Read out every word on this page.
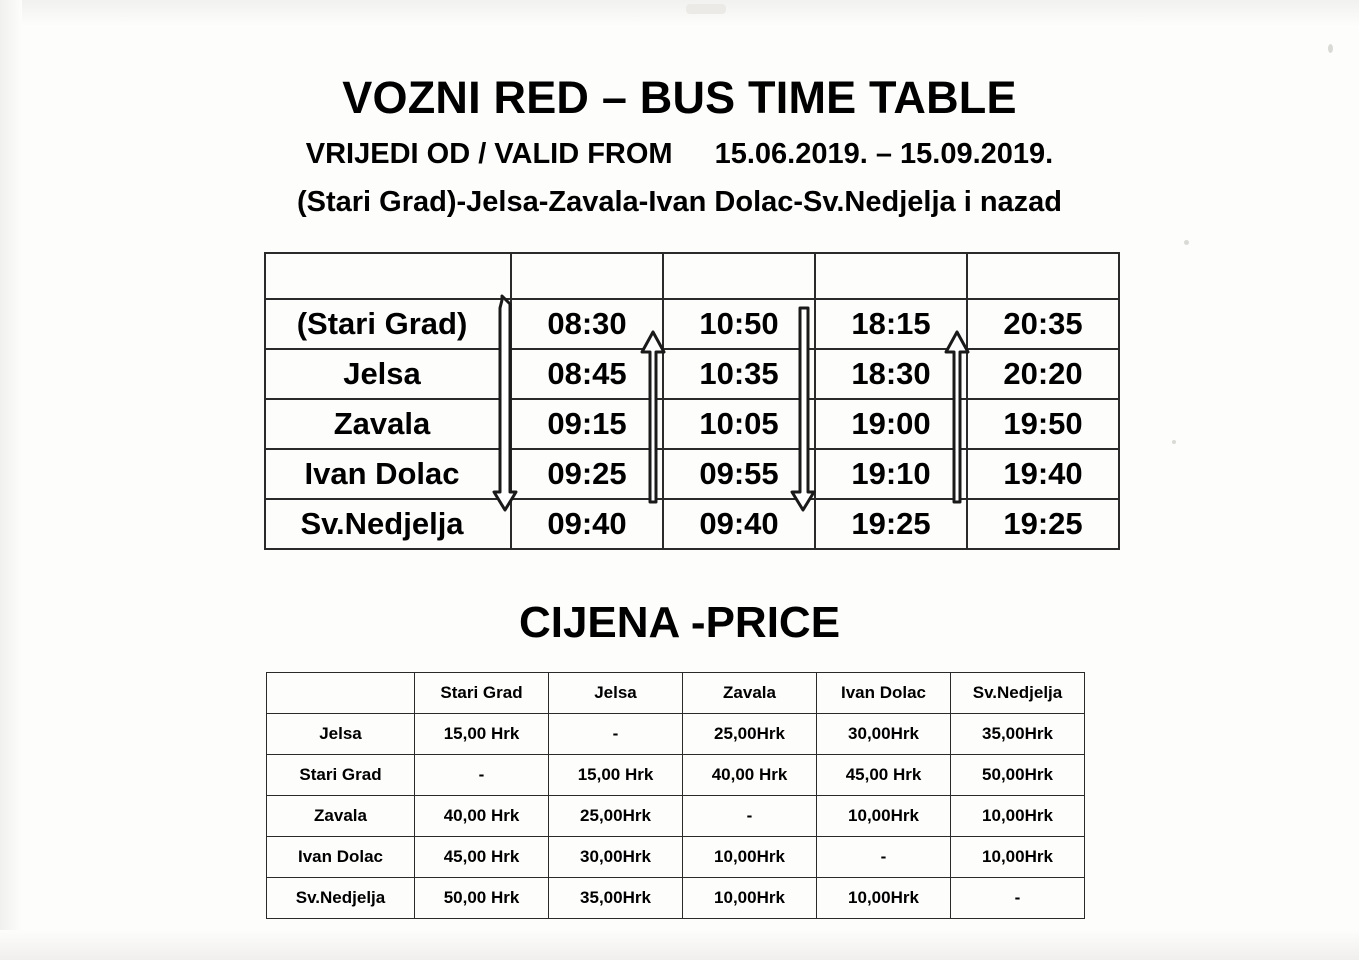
VOZNI RED – BUS TIME TABLE
VRIJEDI OD / VALID FROM 15.06.2019. – 15.09.2019.
(Stari Grad)-Jelsa-Zavala-Ivan Dolac-Sv.Nedjelja i nazad

(Stari Grad)	08:30	10:50	18:15	20:35
Jelsa	08:45	10:35	18:30	20:20
Zavala	09:15	10:05	19:00	19:50
Ivan Dolac	09:25	09:55	19:10	19:40
Sv.Nedjelja	09:40	09:40	19:25	19:25
CIJENA -PRICE
	Stari Grad	Jelsa	Zavala	Ivan Dolac	Sv.Nedjelja
Jelsa	15,00 Hrk	-	25,00Hrk	30,00Hrk	35,00Hrk
Stari Grad	-	15,00 Hrk	40,00 Hrk	45,00 Hrk	50,00Hrk
Zavala	40,00 Hrk	25,00Hrk	-	10,00Hrk	10,00Hrk
Ivan Dolac	45,00 Hrk	30,00Hrk	10,00Hrk	-	10,00Hrk
Sv.Nedjelja	50,00 Hrk	35,00Hrk	10,00Hrk	10,00Hrk	-
